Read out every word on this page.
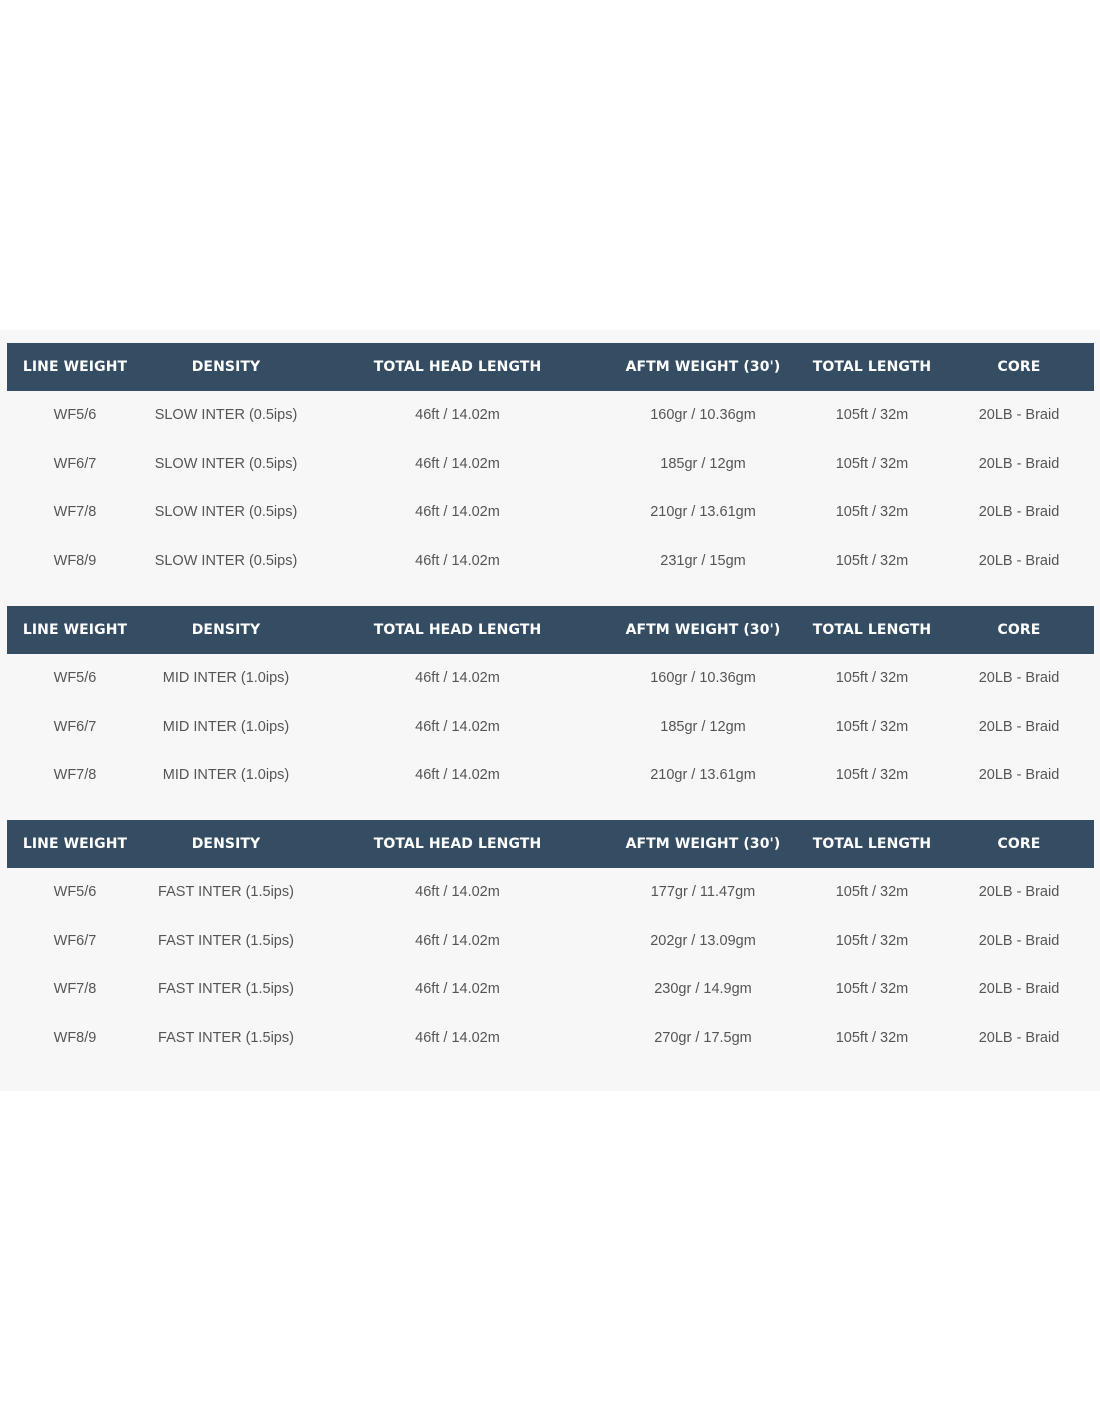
LINE WEIGHT	DENSITY	TOTAL HEAD LENGTH	AFTM WEIGHT (30')	TOTAL LENGTH	CORE
WF5/6	SLOW INTER (0.5ips)	46ft / 14.02m	160gr / 10.36gm	105ft / 32m	20LB - Braid
WF6/7	SLOW INTER (0.5ips)	46ft / 14.02m	185gr / 12gm	105ft / 32m	20LB - Braid
WF7/8	SLOW INTER (0.5ips)	46ft / 14.02m	210gr / 13.61gm	105ft / 32m	20LB - Braid
WF8/9	SLOW INTER (0.5ips)	46ft / 14.02m	231gr / 15gm	105ft / 32m	20LB - Braid
LINE WEIGHT	DENSITY	TOTAL HEAD LENGTH	AFTM WEIGHT (30')	TOTAL LENGTH	CORE
WF5/6	MID INTER (1.0ips)	46ft / 14.02m	160gr / 10.36gm	105ft / 32m	20LB - Braid
WF6/7	MID INTER (1.0ips)	46ft / 14.02m	185gr / 12gm	105ft / 32m	20LB - Braid
WF7/8	MID INTER (1.0ips)	46ft / 14.02m	210gr / 13.61gm	105ft / 32m	20LB - Braid
LINE WEIGHT	DENSITY	TOTAL HEAD LENGTH	AFTM WEIGHT (30')	TOTAL LENGTH	CORE
WF5/6	FAST INTER (1.5ips)	46ft / 14.02m	177gr / 11.47gm	105ft / 32m	20LB - Braid
WF6/7	FAST INTER (1.5ips)	46ft / 14.02m	202gr / 13.09gm	105ft / 32m	20LB - Braid
WF7/8	FAST INTER (1.5ips)	46ft / 14.02m	230gr / 14.9gm	105ft / 32m	20LB - Braid
WF8/9	FAST INTER (1.5ips)	46ft / 14.02m	270gr / 17.5gm	105ft / 32m	20LB - Braid
